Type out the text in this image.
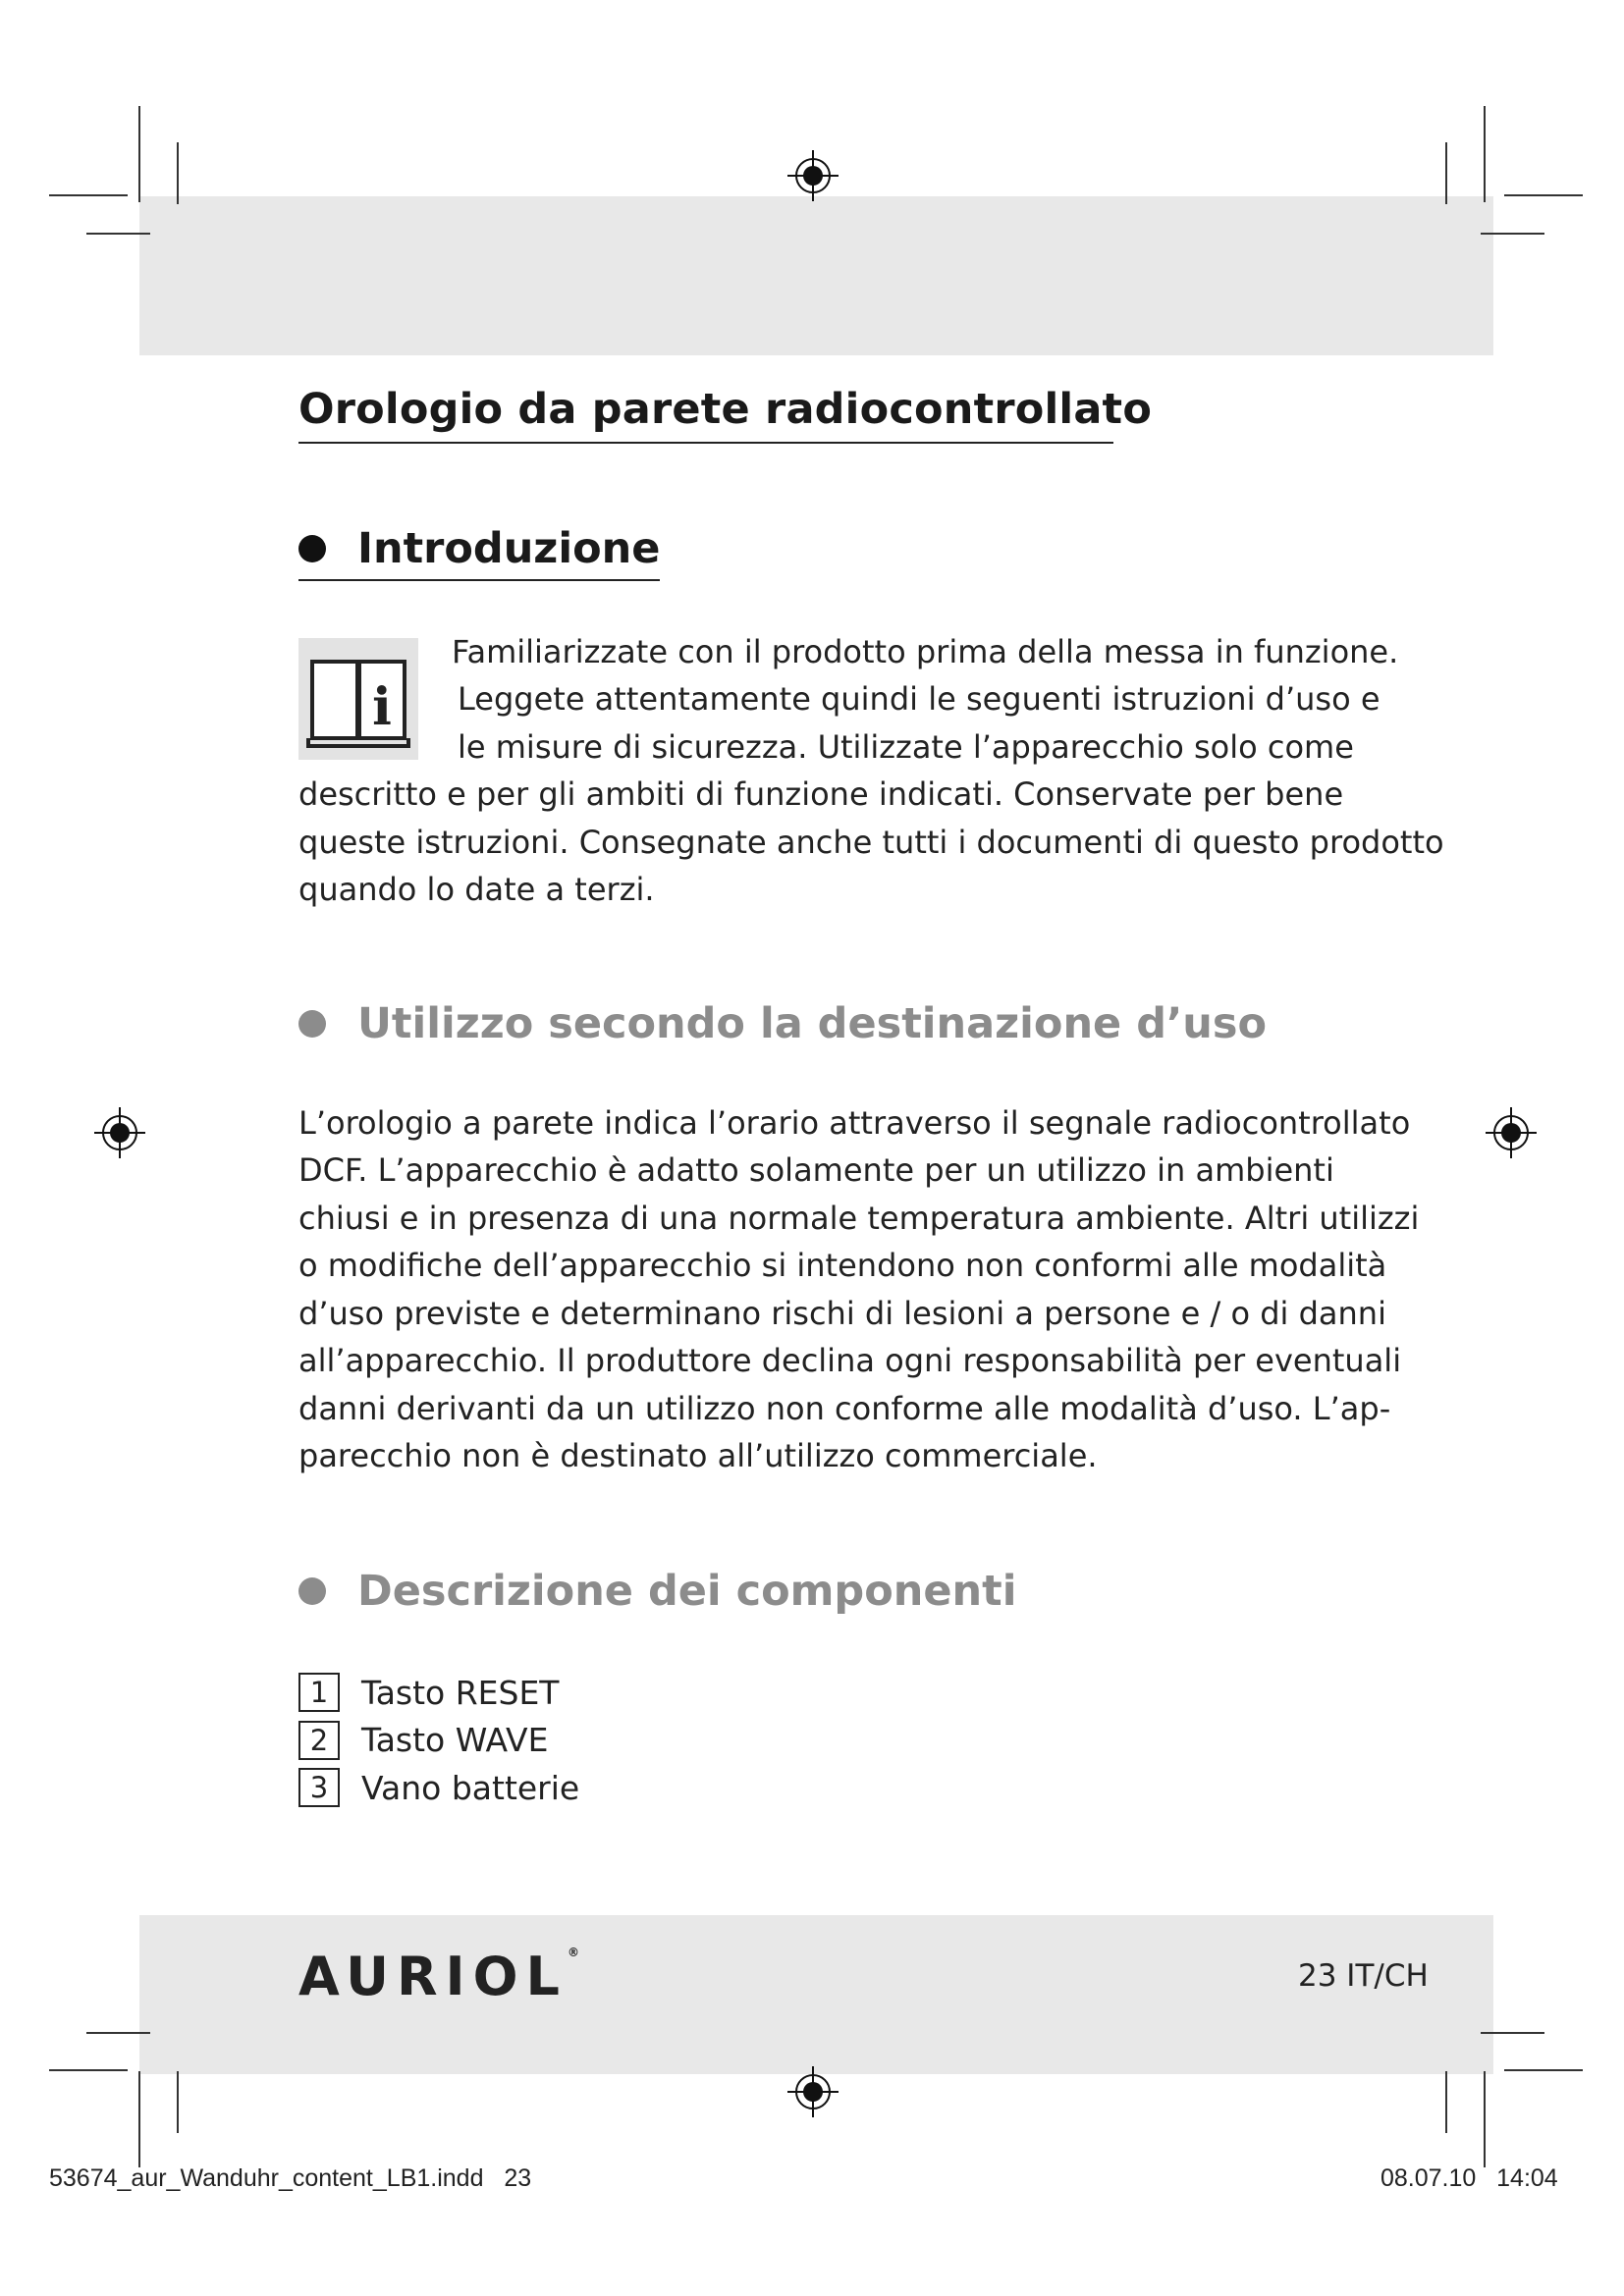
Orologio da parete radiocontrollato
Introduzione
i
Familiarizzate con il prodotto prima della messa in funzione.
Leggete attentamente quindi le seguenti istruzioni d’uso e
le misure di sicurezza. Utilizzate l’apparecchio solo come
descritto e per gli ambiti di funzione indicati. Conservate per bene
queste istruzioni. Consegnate anche tutti i documenti di questo prodotto
quando lo date a terzi.
Utilizzo secondo la destinazione d’uso
L’orologio a parete indica l’orario attraverso il segnale radiocontrollato
DCF. L’apparecchio è adatto solamente per un utilizzo in ambienti
chiusi e in presenza di una normale temperatura ambiente. Altri utilizzi
o modifiche dell’apparecchio si intendono non conformi alle modalità
d’uso previste e determinano rischi di lesioni a persone e / o di danni
all’apparecchio. Il produttore declina ogni responsabilità per eventuali
danni derivanti da un utilizzo non conforme alle modalità d’uso. L’ap-
parecchio non è destinato all’utilizzo commerciale.
Descrizione dei componenti
1	Tasto RESET
2	Tasto WAVE
3	Vano batterie
AURIOL®
23 IT/CH
53674_aur_Wanduhr_content_LB1.indd   23	08.07.10   14:04
